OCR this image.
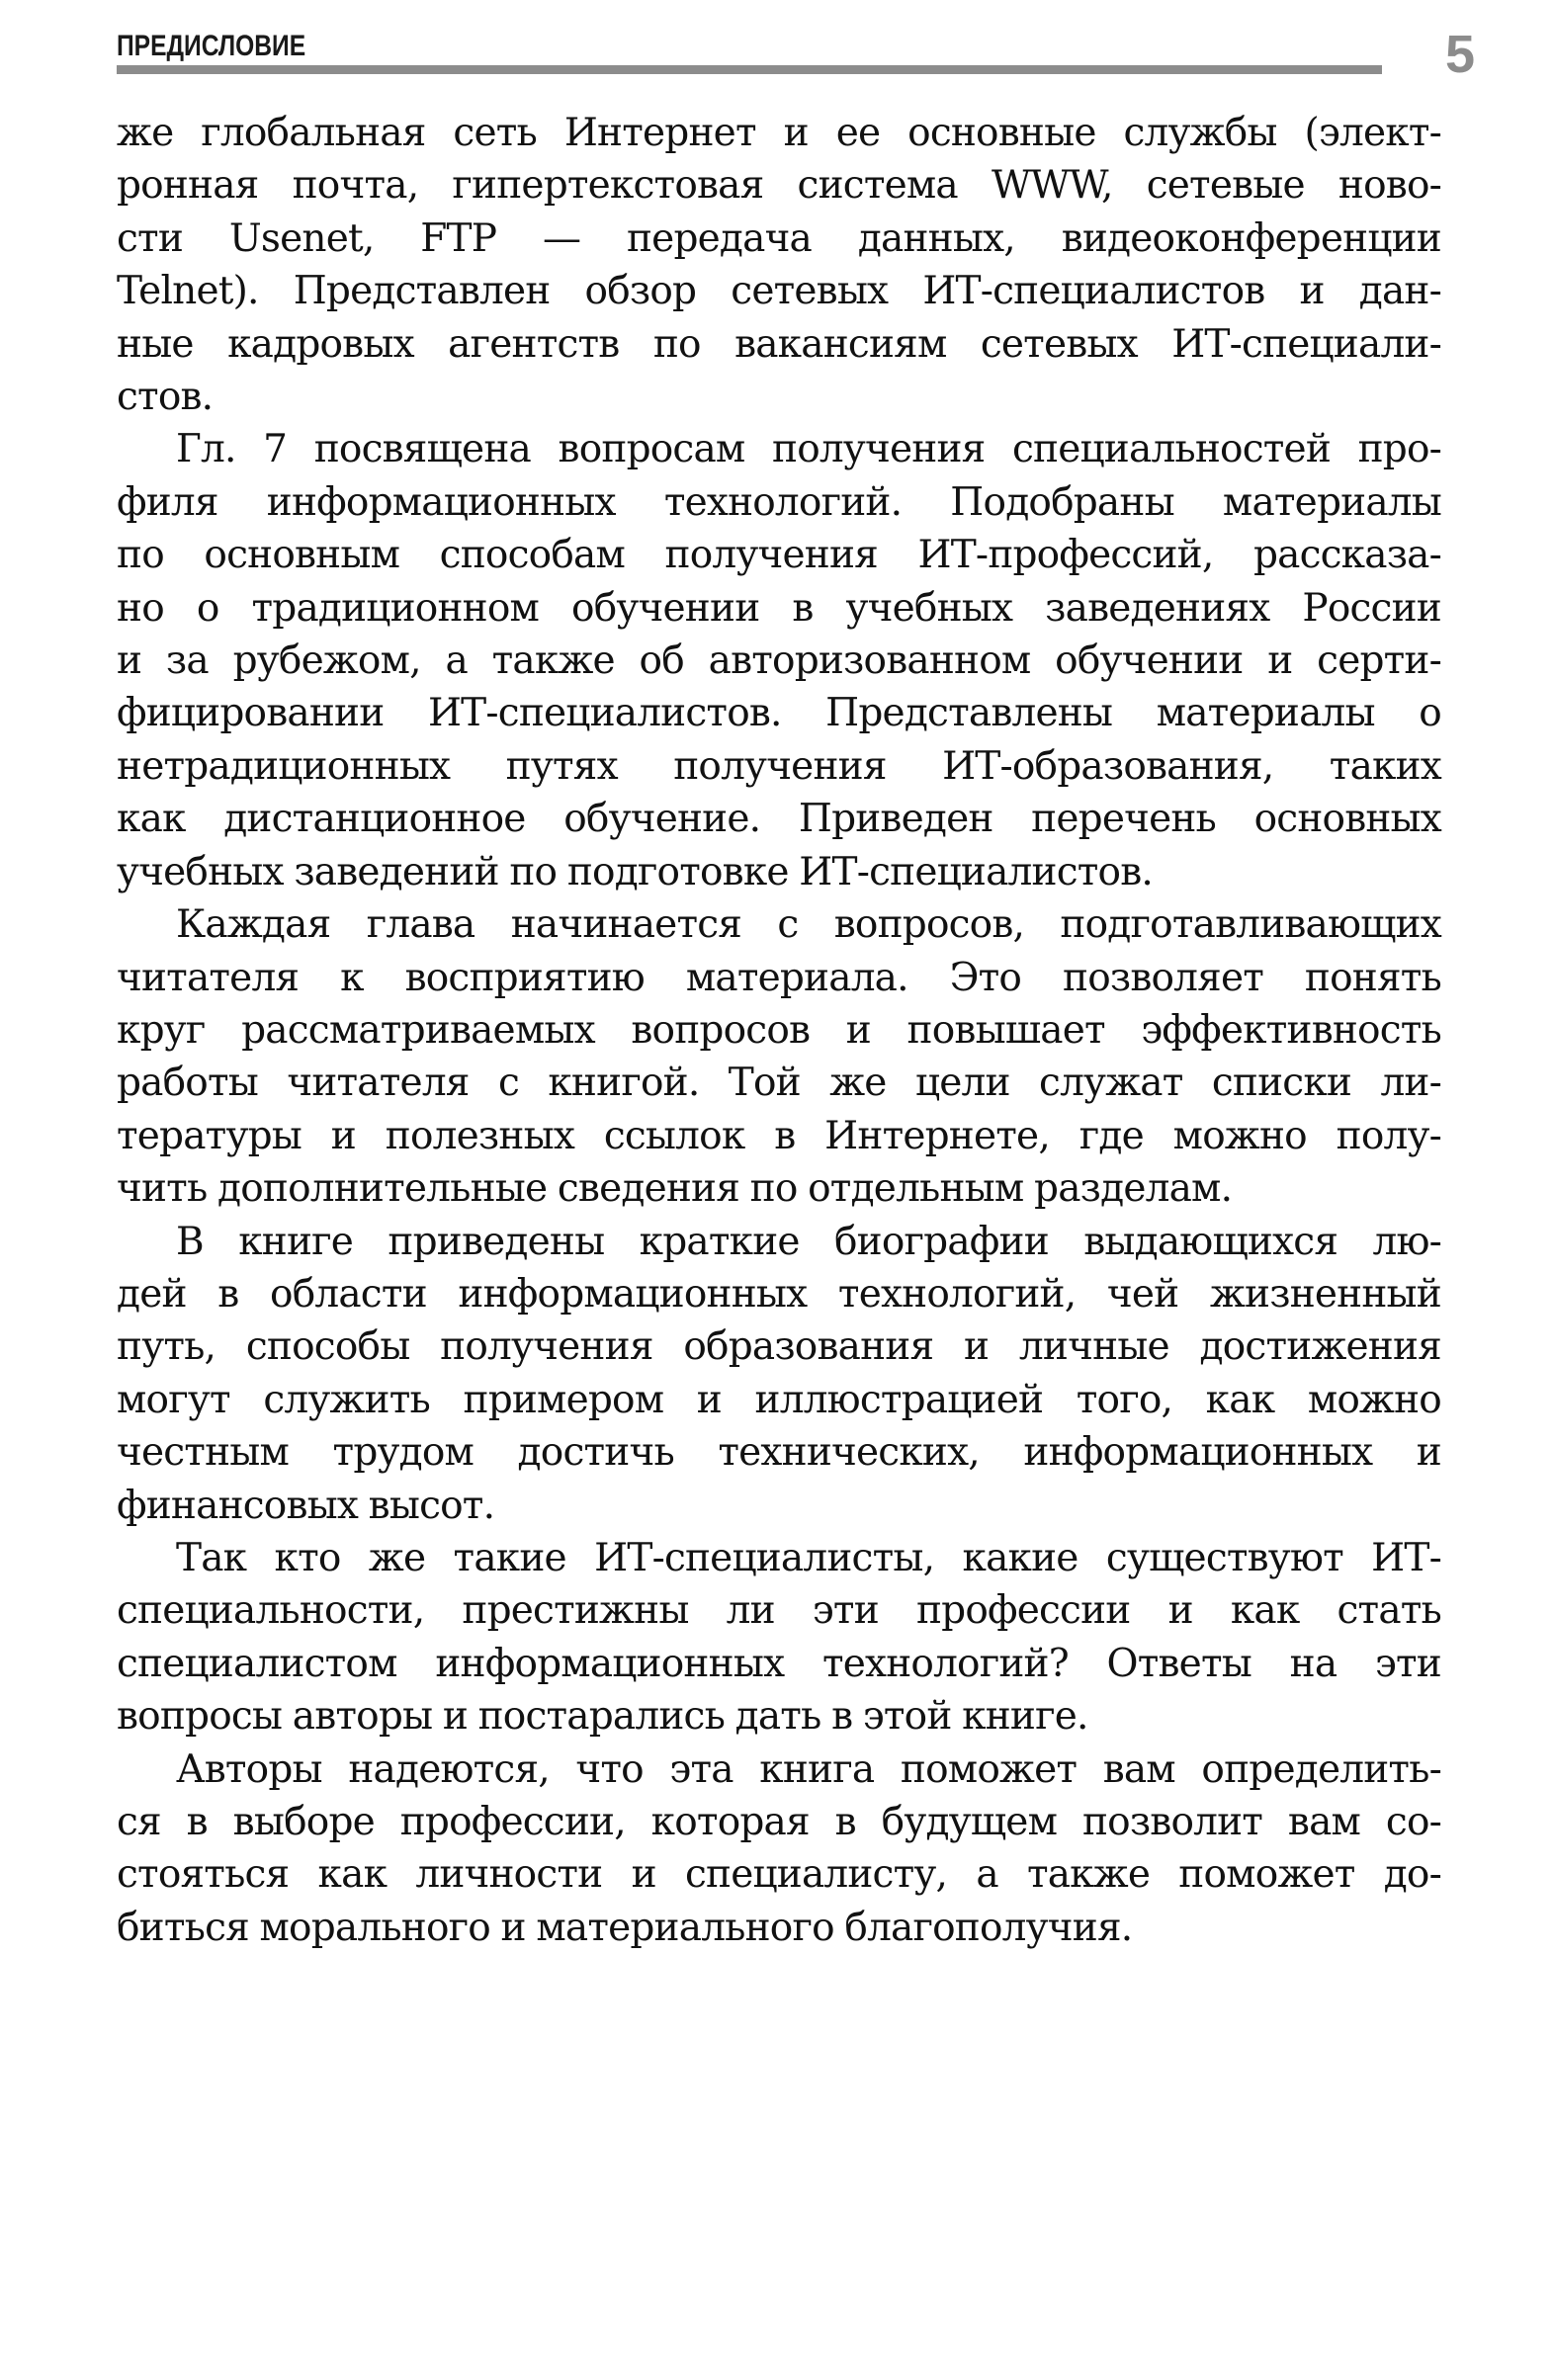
ПРЕДИСЛОВИЕ	5

же глобальная сеть Интернет и ее основные службы (элект-
ронная почта, гипертекстовая система WWW, сетевые ново-
сти Usenet, FTP — передача данных, видеоконференции
Telnet). Представлен обзор сетевых ИТ-специалистов и дан-
ные кадровых агентств по вакансиям сетевых ИТ-специали-
стов.

Гл. 7 посвящена вопросам получения специальностей про-
филя информационных технологий. Подобраны материалы
по основным способам получения ИТ-профессий, рассказа-
но о традиционном обучении в учебных заведениях России
и за рубежом, а также об авторизованном обучении и серти-
фицировании ИТ-специалистов. Представлены материалы о
нетрадиционных путях получения ИТ-образования, таких
как дистанционное обучение. Приведен перечень основных
учебных заведений по подготовке ИТ-специалистов.

Каждая глава начинается с вопросов, подготавливающих
читателя к восприятию материала. Это позволяет понять
круг рассматриваемых вопросов и повышает эффективность
работы читателя с книгой. Той же цели служат списки ли-
тературы и полезных ссылок в Интернете, где можно полу-
чить дополнительные сведения по отдельным разделам.

В книге приведены краткие биографии выдающихся лю-
дей в области информационных технологий, чей жизненный
путь, способы получения образования и личные достижения
могут служить примером и иллюстрацией того, как можно
честным трудом достичь технических, информационных и
финансовых высот.

Так кто же такие ИТ-специалисты, какие существуют ИТ-
специальности, престижны ли эти профессии и как стать
специалистом информационных технологий? Ответы на эти
вопросы авторы и постарались дать в этой книге.

Авторы надеются, что эта книга поможет вам определить-
ся в выборе профессии, которая в будущем позволит вам со-
стояться как личности и специалисту, а также поможет до-
биться морального и материального благополучия.
